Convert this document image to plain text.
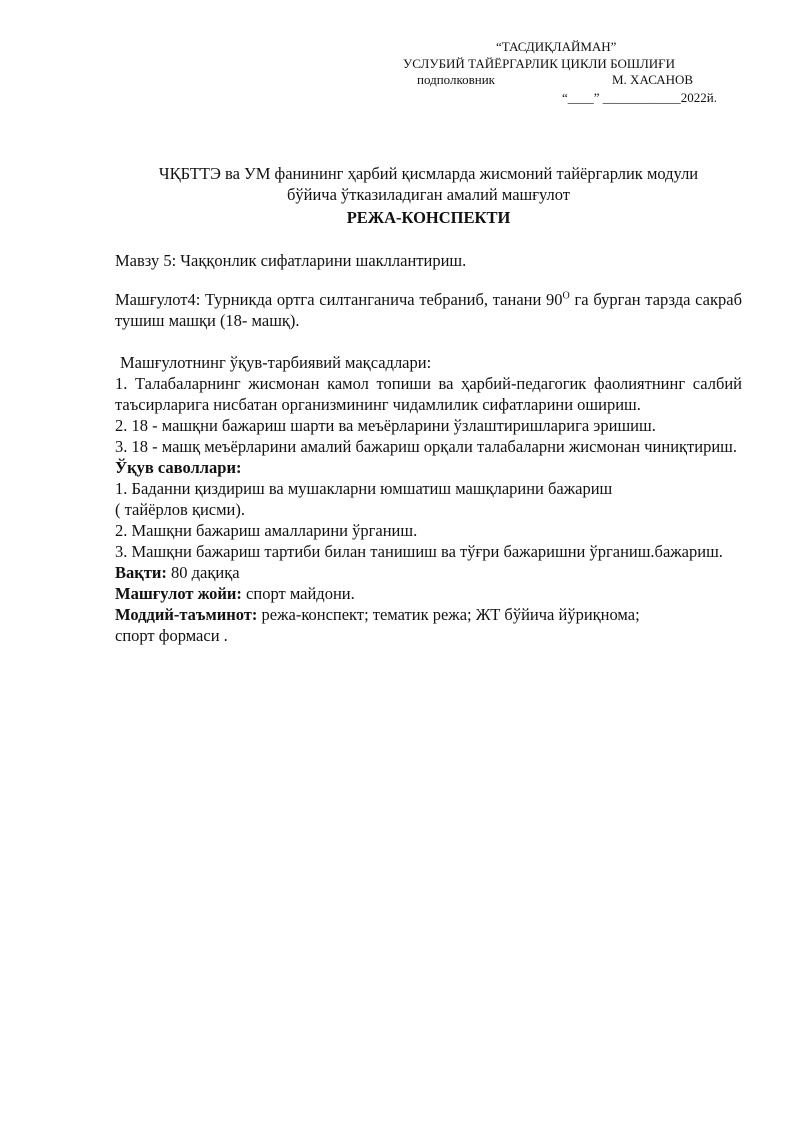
“ТАСДИҚЛАЙМАН”
УСЛУБИЙ ТАЙЁРГАРЛИК ЦИКЛИ БОШЛИҒИ
подполковник	М. ХАСАНОВ
“____” ____________2022й.
ЧҚБТТЭ ва УМ фанининг ҳарбий қисмларда жисмоний тайёргарлик модули
бўйича ўтказиладиган амалий машғулот
РЕЖА-КОНСПЕКТИ

Мавзу 5: Чаққонлик сифатларини шакллантириш.

Машғулот4: Турникда ортга силтанганича тебраниб, танани $90^O$ га бурган тарзда сакраб тушиш машқи (18- машқ).

Машғулотнинг ўқув-тарбиявий мақсадлари:

1. Талабаларнинг жисмонан камол топиши ва ҳарбий-педагогик фаолиятнинг салбий таъсирларига нисбатан организмининг чидамлилик сифатларини ошириш.

2. 18 - машқни бажариш шарти ва меъёрларини ўзлаштиришларига эришиш.

3. 18 - машқ меъёрларини амалий бажариш орқали талабаларни жисмонан чиниқтириш.

Ўқув саволлари:

1. Баданни қиздириш ва мушакларни юмшатиш машқларини бажариш

( тайёрлов қисми).

2. Машқни бажариш амалларини ўрганиш.

3. Машқни бажариш тартиби билан танишиш ва тўғри бажаришни ўрганиш.бажариш.

Вақти: 80 дақиқа

Машғулот жойи: спорт майдони.

Моддий-таъминот: режа-конспект; тематик режа; ЖТ бўйича йўриқнома;

спорт формаси .
